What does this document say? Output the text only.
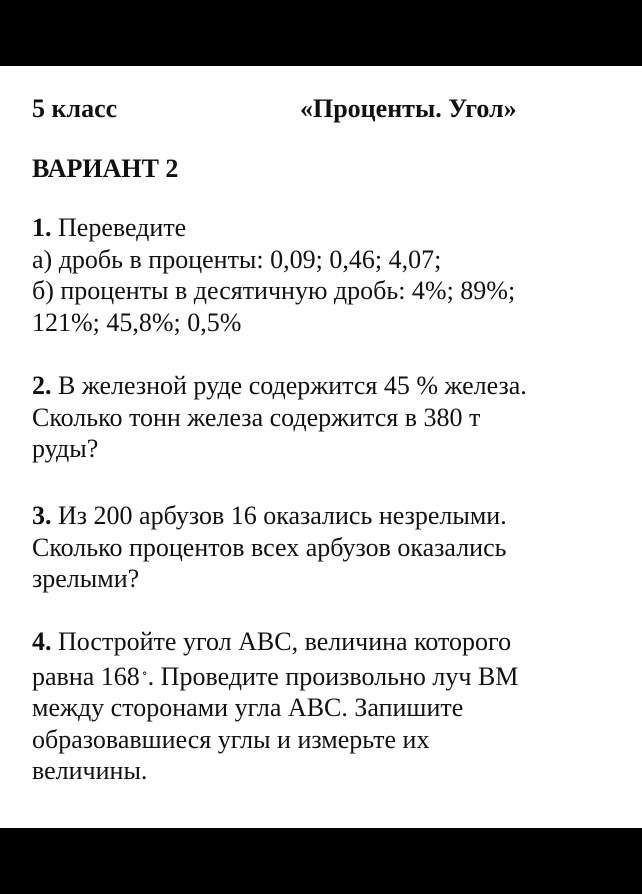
5 класс	«Проценты. Угол»
ВАРИАНТ 2
1. Переведите
а) дробь в проценты: 0,09; 0,46; 4,07;
б) проценты в десятичную дробь: 4%; 89%;
121%; 45,8%; 0,5%
2. В железной руде содержится 45 % железа.
Сколько тонн железа содержится в 380 т
руды?
3. Из 200 арбузов 16 оказались незрелыми.
Сколько процентов всех арбузов оказались
зрелыми?
4. Постройте угол АВС, величина которого
равна 168 ∘. Проведите произвольно луч ВМ
между сторонами угла АВС. Запишите
образовавшиеся углы и измерьте их
величины.
